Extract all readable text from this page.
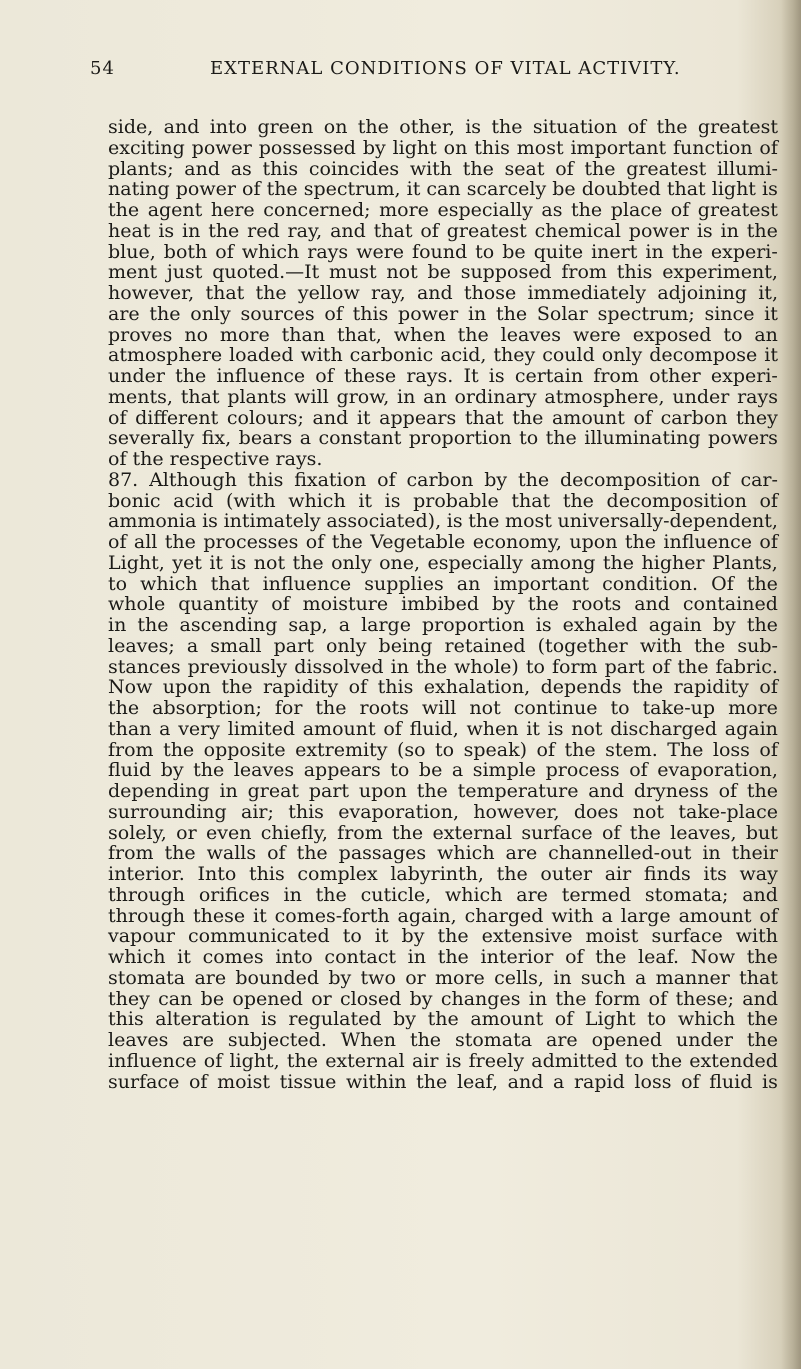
54	EXTERNAL CONDITIONS OF VITAL ACTIVITY.
side, and into green on the other, is the situation of the greatest
exciting power possessed by light on this most important function of
plants; and as this coincides with the seat of the greatest illumi-
nating power of the spectrum, it can scarcely be doubted that light is
the agent here concerned; more especially as the place of greatest
heat is in the red ray, and that of greatest chemical power is in the
blue, both of which rays were found to be quite inert in the experi-
ment just quoted.—It must not be supposed from this experiment,
however, that the yellow ray, and those immediately adjoining it,
are the only sources of this power in the Solar spectrum; since it
proves no more than that, when the leaves were exposed to an
atmosphere loaded with carbonic acid, they could only decompose it
under the influence of these rays. It is certain from other experi-
ments, that plants will grow, in an ordinary atmosphere, under rays
of different colours; and it appears that the amount of carbon they
severally fix, bears a constant proportion to the illuminating powers
of the respective rays.
87. Although this fixation of carbon by the decomposition of car-
bonic acid (with which it is probable that the decomposition of
ammonia is intimately associated), is the most universally-dependent,
of all the processes of the Vegetable economy, upon the influence of
Light, yet it is not the only one, especially among the higher Plants,
to which that influence supplies an important condition. Of the
whole quantity of moisture imbibed by the roots and contained
in the ascending sap, a large proportion is exhaled again by the
leaves; a small part only being retained (together with the sub-
stances previously dissolved in the whole) to form part of the fabric.
Now upon the rapidity of this exhalation, depends the rapidity of
the absorption; for the roots will not continue to take-up more
than a very limited amount of fluid, when it is not discharged again
from the opposite extremity (so to speak) of the stem. The loss of
fluid by the leaves appears to be a simple process of evaporation,
depending in great part upon the temperature and dryness of the
surrounding air; this evaporation, however, does not take-place
solely, or even chiefly, from the external surface of the leaves, but
from the walls of the passages which are channelled-out in their
interior. Into this complex labyrinth, the outer air finds its way
through orifices in the cuticle, which are termed stomata; and
through these it comes-forth again, charged with a large amount of
vapour communicated to it by the extensive moist surface with
which it comes into contact in the interior of the leaf. Now the
stomata are bounded by two or more cells, in such a manner that
they can be opened or closed by changes in the form of these; and
this alteration is regulated by the amount of Light to which the
leaves are subjected. When the stomata are opened under the
influence of light, the external air is freely admitted to the extended
surface of moist tissue within the leaf, and a rapid loss of fluid is
